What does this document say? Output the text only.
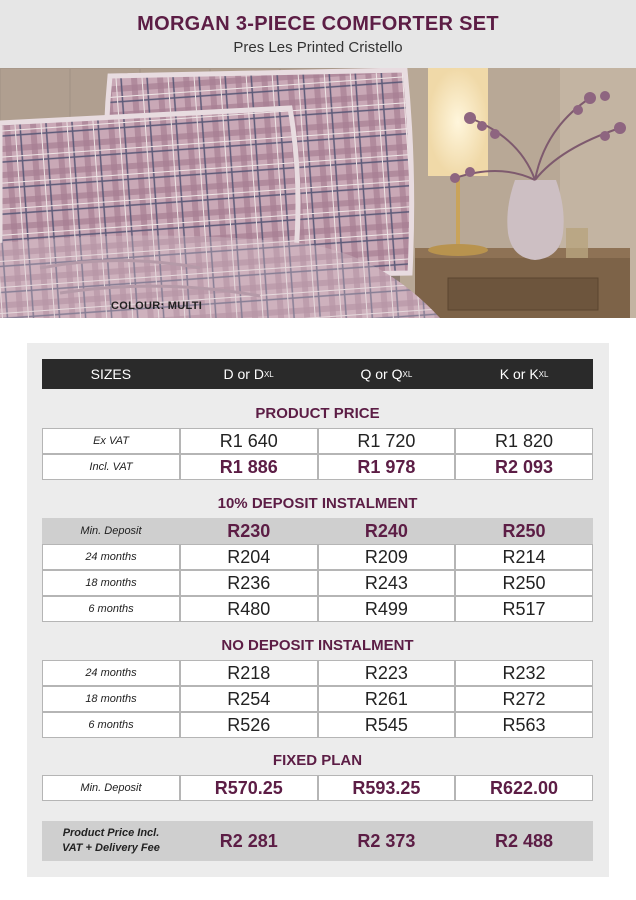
MORGAN 3-PIECE COMFORTER SET
Pres Les Printed Cristello
COLOUR: MULTI
SIZES	D or D XL	Q or Q XL	K or K XL
PRODUCT PRICE
Ex VAT	R1 640	R1 720	R1 820
Incl. VAT	R1 886	R1 978	R2 093
10% DEPOSIT INSTALMENT
Min. Deposit	R230	R240	R250
24 months	R204	R209	R214
18 months	R236	R243	R250
6 months	R480	R499	R517
NO DEPOSIT INSTALMENT
24 months	R218	R223	R232
18 months	R254	R261	R272
6 months	R526	R545	R563
FIXED PLAN
Min. Deposit	R570.25	R593.25	R622.00
Product Price Incl.
VAT + Delivery Fee	R2 281	R2 373	R2 488
